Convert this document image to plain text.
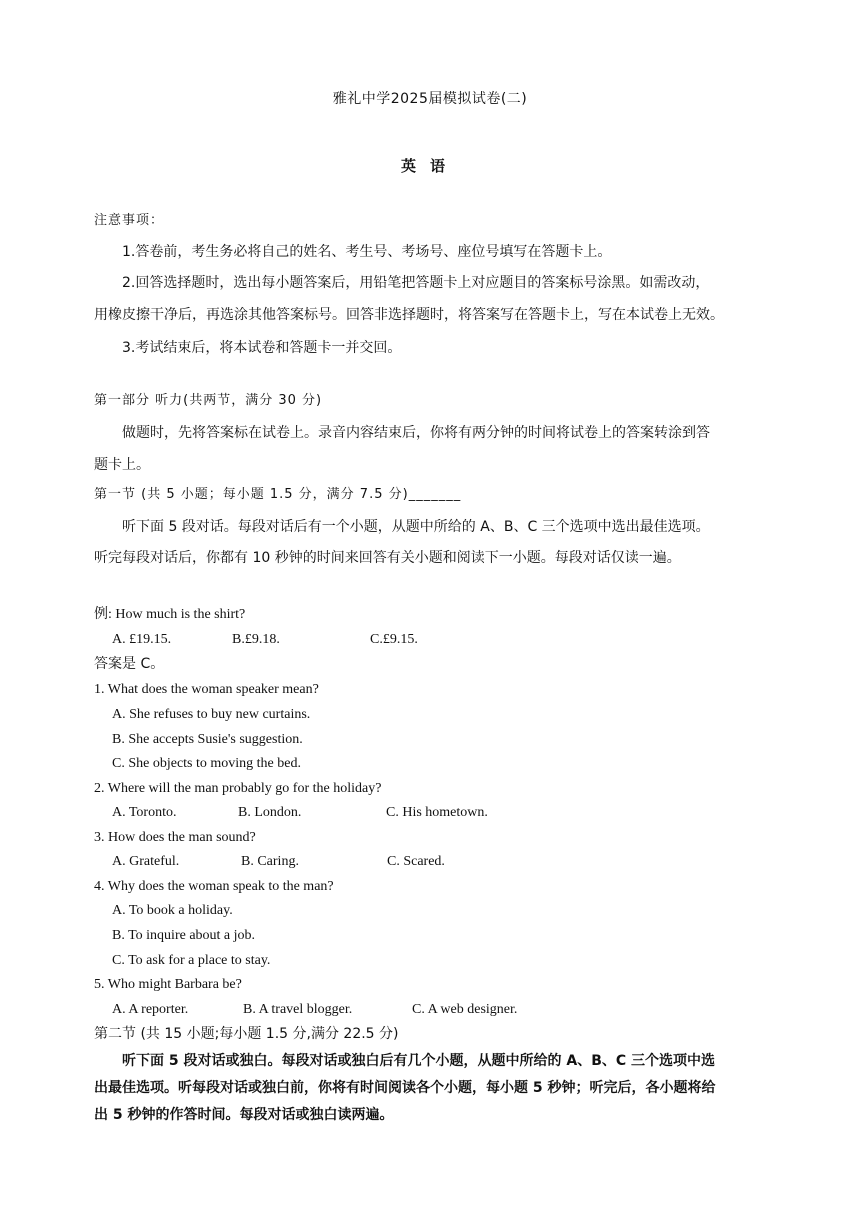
雅礼中学2025届模拟试卷(二)
英语
注意事项：
1.答卷前，考生务必将自己的姓名、考生号、考场号、座位号填写在答题卡上。
2.回答选择题时，选出每小题答案后，用铅笔把答题卡上对应题目的答案标号涂黑。如需改动，
用橡皮擦干净后，再选涂其他答案标号。回答非选择题时，将答案写在答题卡上，写在本试卷上无效。
3.考试结束后，将本试卷和答题卡一并交回。
第一部分 听力(共两节，满分 30 分)
做题时，先将答案标在试卷上。录音内容结束后，你将有两分钟的时间将试卷上的答案转涂到答
题卡上。
第一节 (共 5 小题；每小题 1.5 分，满分 7.5 分)_______
听下面 5 段对话。每段对话后有一个小题，从题中所给的 A、B、C 三个选项中选出最佳选项。
听完每段对话后，你都有 10 秒钟的时间来回答有关小题和阅读下一小题。每段对话仅读一遍。
例: How much is the shirt?
A. £19.15.	B.£9.18.	C.£9.15.
答案是 C。
1. What does the woman speaker mean?
A. She refuses to buy new curtains.
B. She accepts Susie's suggestion.
C. She objects to moving the bed.
2. Where will the man probably go for the holiday?
A. Toronto.	B. London.	C. His hometown.
3. How does the man sound?
A. Grateful.	B. Caring.	C. Scared.
4. Why does the woman speak to the man?
A. To book a holiday.
B. To inquire about a job.
C. To ask for a place to stay.
5. Who might Barbara be?
A. A reporter.	B. A travel blogger.	C. A web designer.
第二节 (共 15 小题;每小题 1.5 分,满分 22.5 分)
听下面 5 段对话或独白。每段对话或独白后有几个小题，从题中所给的 A、B、C 三个选项中选
出最佳选项。听每段对话或独白前，你将有时间阅读各个小题，每小题 5 秒钟；听完后，各小题将给
出 5 秒钟的作答时间。每段对话或独白读两遍。
